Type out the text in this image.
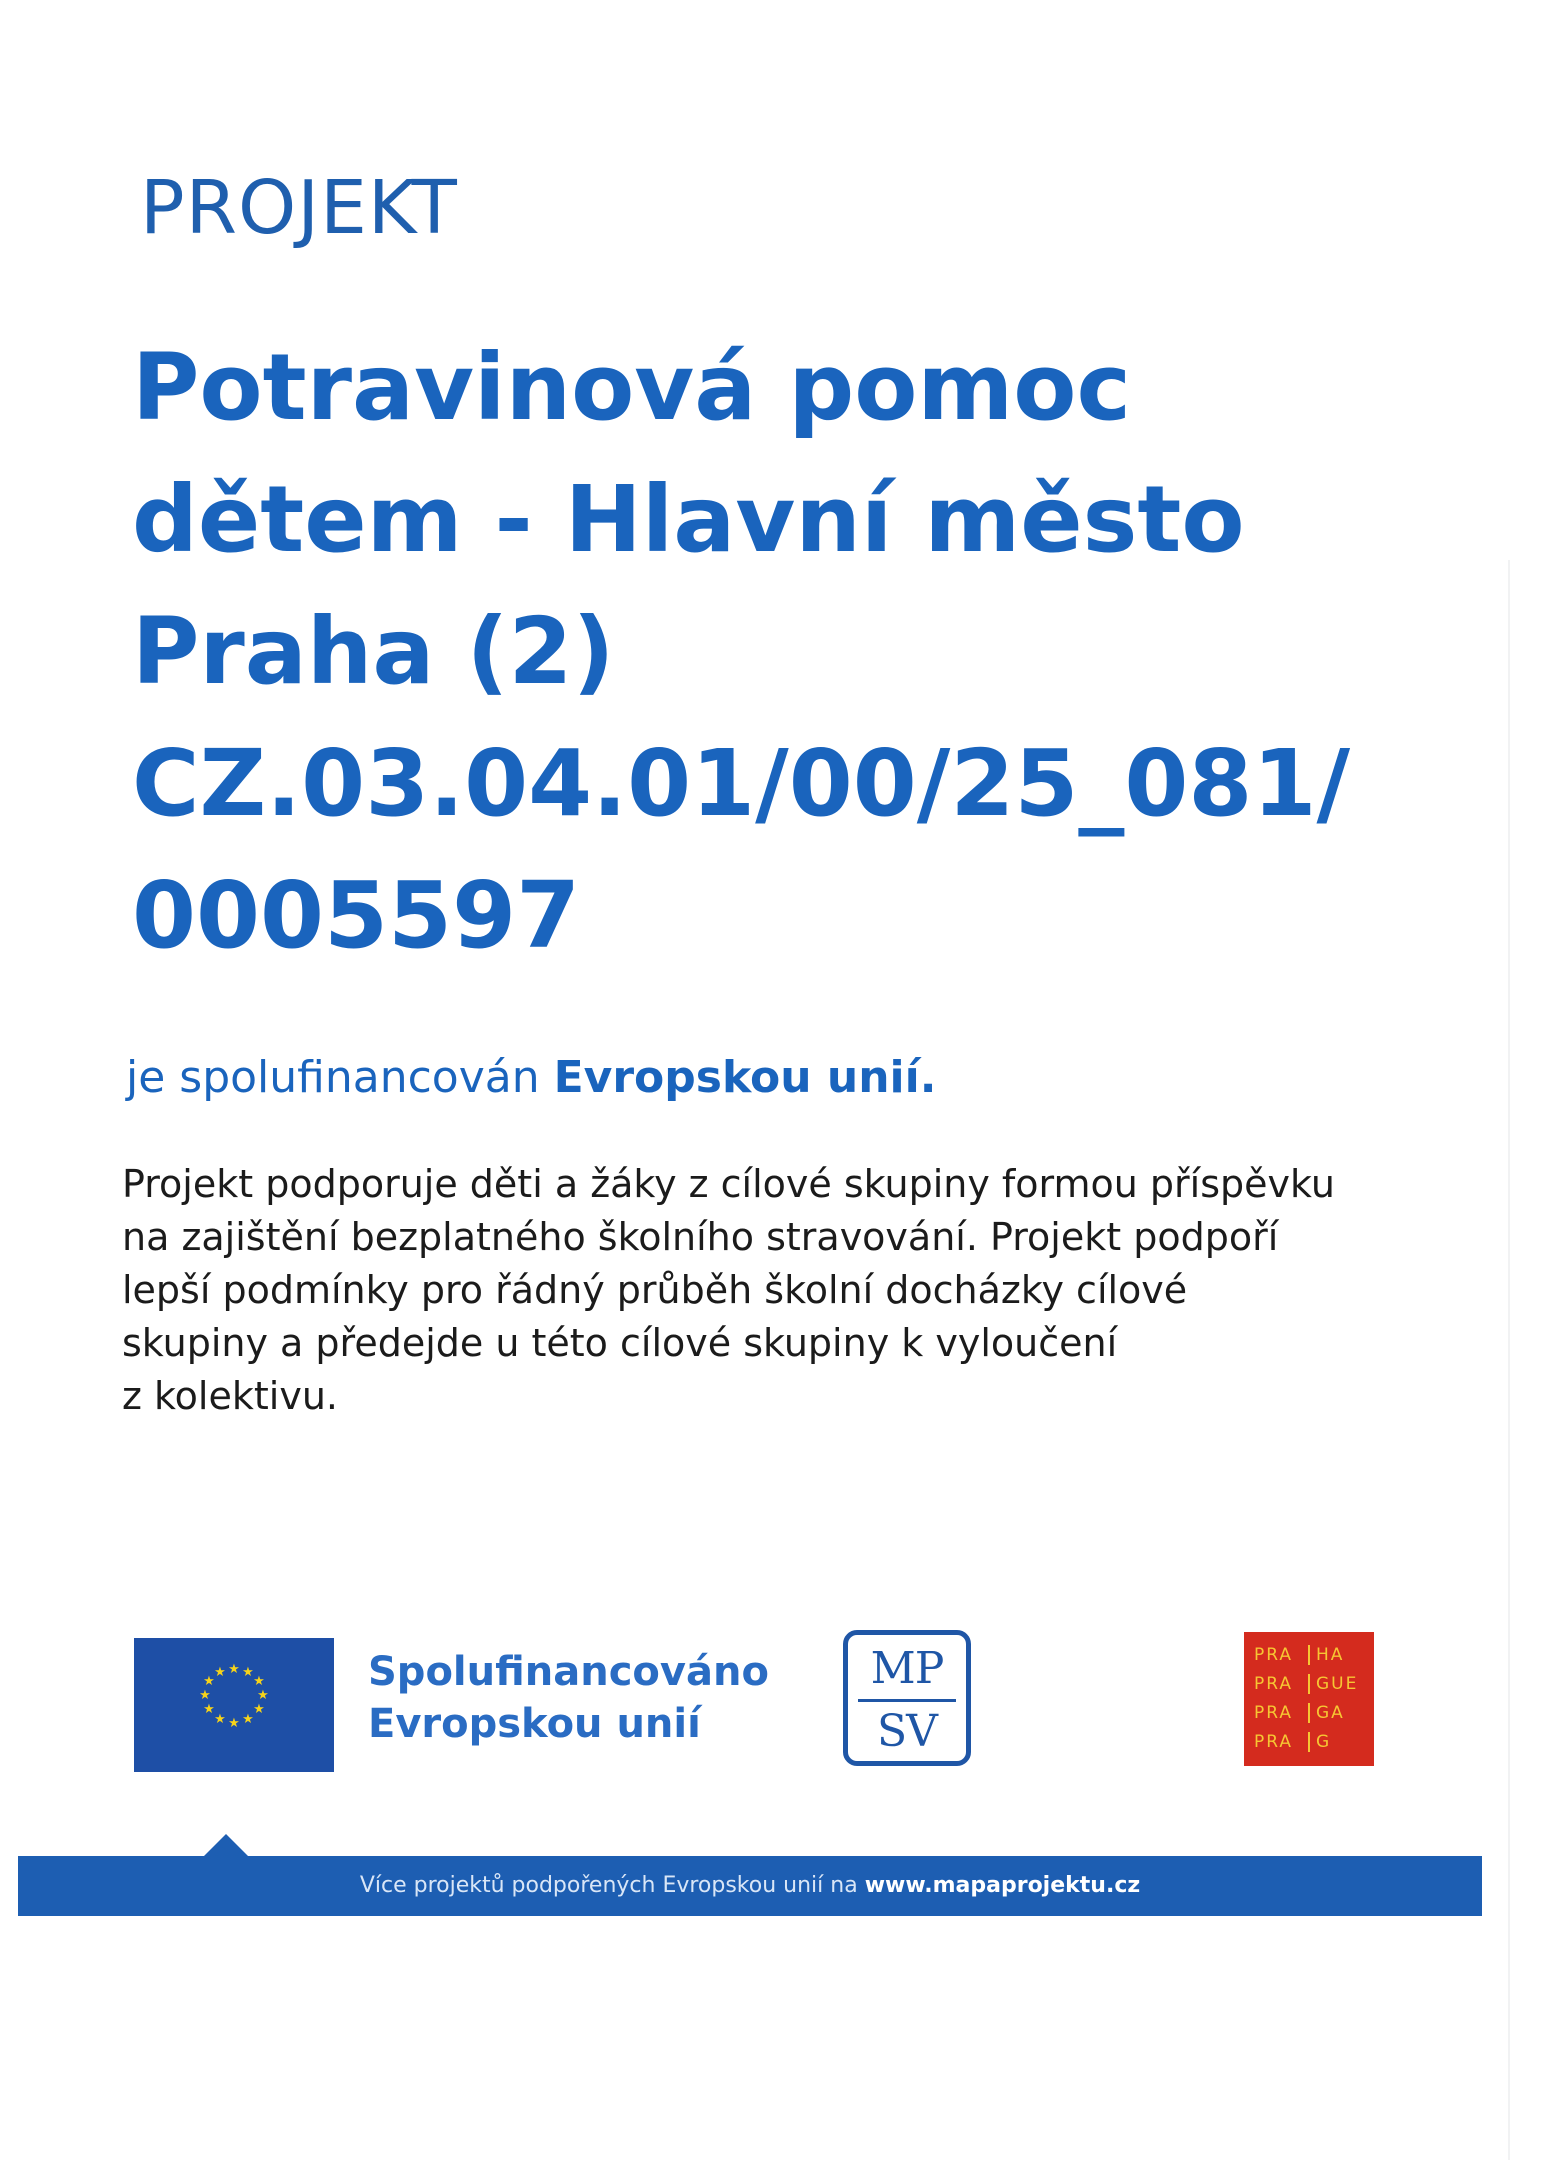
PROJEKT
Potravinová pomoc
dětem - Hlavní město
Praha (2)
CZ.03.04.01/00/25_081/
0005597
je spolufinancován Evropskou unií.

Projekt podporuje děti a žáky z cílové skupiny formou příspěvku
na zajištění bezplatného školního stravování. Projekt podpoří
lepší podmínky pro řádný průběh školní docházky cílové
skupiny a předejde u této cílové skupiny k vyloučení
z kolektivu.

★ ★
★
★
★
★
★
★
★
★
★
★	Spolufinancováno
Evropskou unií
MP
SV
PRA	HA
PRA	GUE
PRA	GA
PRA	G
Více projektů podpořených Evropskou unií na www.mapaprojektu.cz
